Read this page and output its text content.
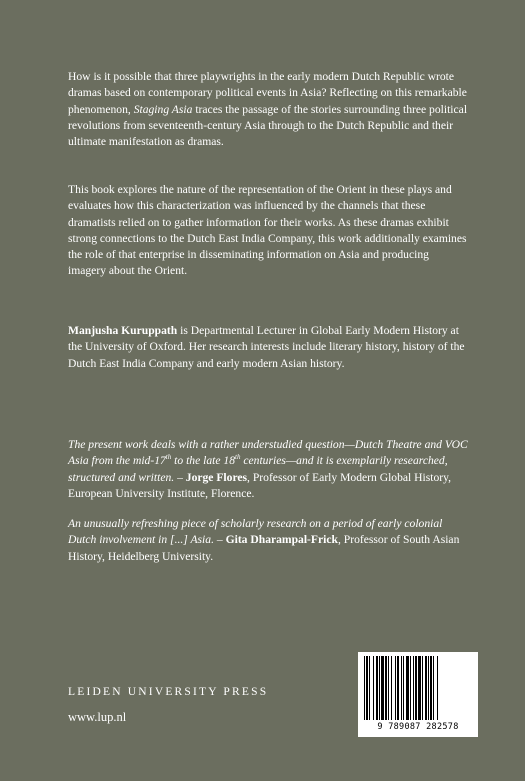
How is it possible that three playwrights in the early modern Dutch Republic wrote dramas based on contemporary political events in Asia? Reflecting on this remarkable phenomenon, Staging Asia traces the passage of the stories surrounding three political revolutions from seventeenth-century Asia through to the Dutch Republic and their ultimate manifestation as dramas.

This book explores the nature of the representation of the Orient in these plays and evaluates how this characterization was influenced by the channels that these dramatists relied on to gather information for their works. As these dramas exhibit strong connections to the Dutch East India Company, this work additionally examines the role of that enterprise in disseminating information on Asia and producing imagery about the Orient.

Manjusha Kuruppath is Departmental Lecturer in Global Early Modern History at the University of Oxford. Her research interests include literary history, history of the Dutch East India Company and early modern Asian history.

The present work deals with a rather understudied question—Dutch Theatre and VOC Asia from the mid-17th to the late 18th centuries—and it is exemplarily researched, structured and written. – Jorge Flores, Professor of Early Modern Global History, European University Institute, Florence.

An unusually refreshing piece of scholarly research on a period of early colonial Dutch involvement in [...] Asia. – Gita Dharampal-Frick, Professor of South Asian History, Heidelberg University.

LEIDEN UNIVERSITY PRESS
www.lup.nl
9 789087 282578
